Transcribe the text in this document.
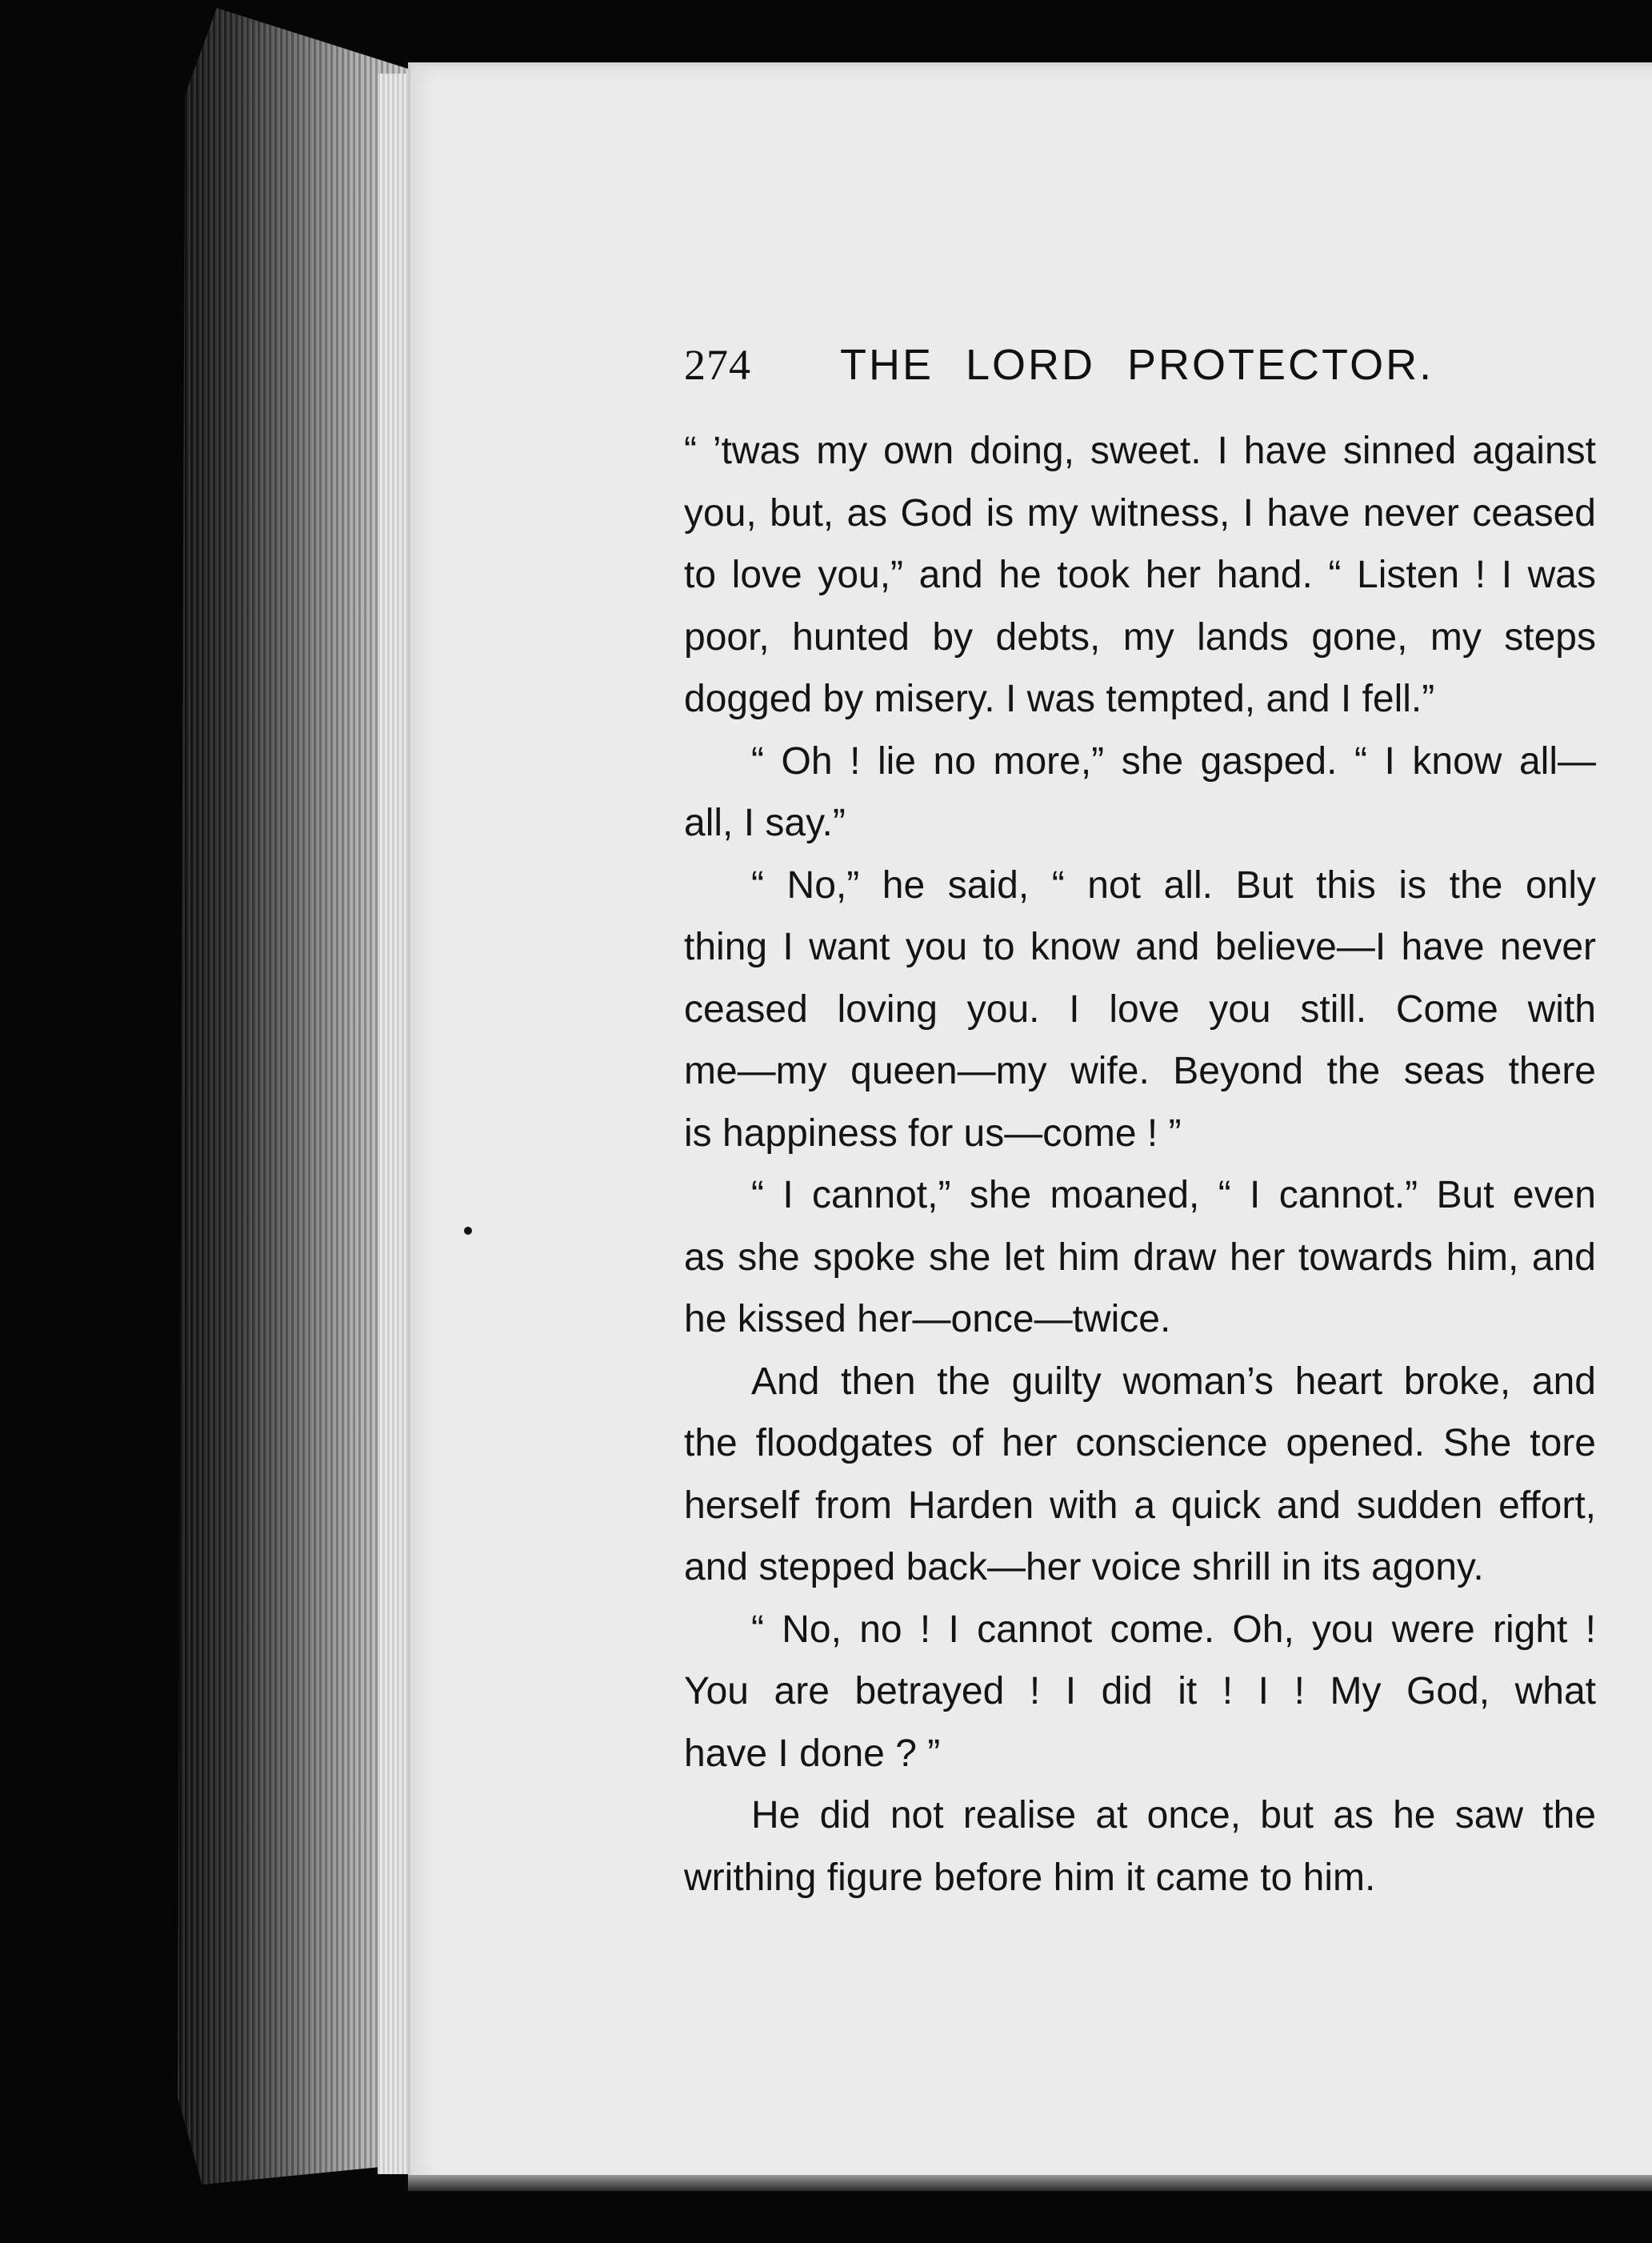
274 THE LORD PROTECTOR.
“ ’twas my own doing, sweet. I have sinned against
you, but, as God is my witness, I have never ceased
to love you,” and he took her hand. “ Listen ! I was
poor, hunted by debts, my lands gone, my steps
dogged by misery. I was tempted, and I fell.”
“ Oh ! lie no more,” she gasped. “ I know all—
all, I say.”
“ No,” he said, “ not all. But this is the only
thing I want you to know and believe—I have never
ceased loving you. I love you still. Come with
me—my queen—my wife. Beyond the seas there
is happiness for us—come ! ”
“ I cannot,” she moaned, “ I cannot.” But even
as she spoke she let him draw her towards him, and
he kissed her—once—twice.
And then the guilty woman’s heart broke, and
the floodgates of her conscience opened. She tore
herself from Harden with a quick and sudden effort,
and stepped back—her voice shrill in its agony.
“ No, no ! I cannot come. Oh, you were right !
You are betrayed ! I did it ! I ! My God, what
have I done ? ”
He did not realise at once, but as he saw the
writhing figure before him it came to him.
